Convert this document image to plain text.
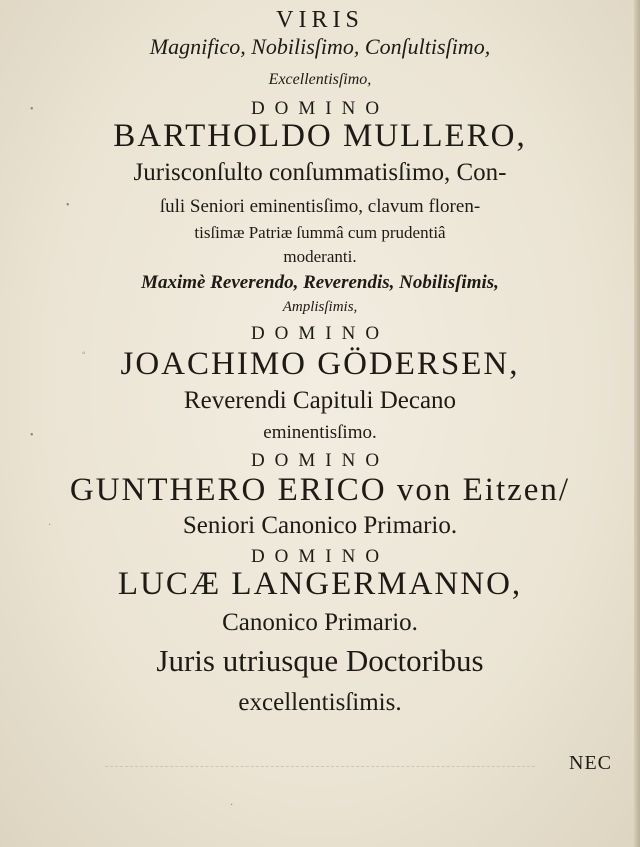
VIRIS
Magnifico, Nobilisſimo, Conſultisſimo,
Excellentisſimo,
DOMINO
BARTHOLDO MULLERO,
Jurisconſulto conſummatisſimo, Con-
ſuli Seniori eminentisſimo, clavum floren-
tisſimæ Patriæ ſummâ cum prudentiâ
moderanti.
Maximè Reverendo, Reverendis, Nobilisſimis,
Amplisſimis,
DOMINO
JOACHIMO GÖDERSEN,
Reverendi Capituli Decano
eminentisſimo.
DOMINO
GUNTHERO ERICO von Eitzen/
Seniori Canonico Primario.
DOMINO
LUCÆ LANGERMANNO,
Canonico Primario.
Juris utriusque Doctoribus
excellentisſimis.
NEC
•
•
◦
•
·
·
